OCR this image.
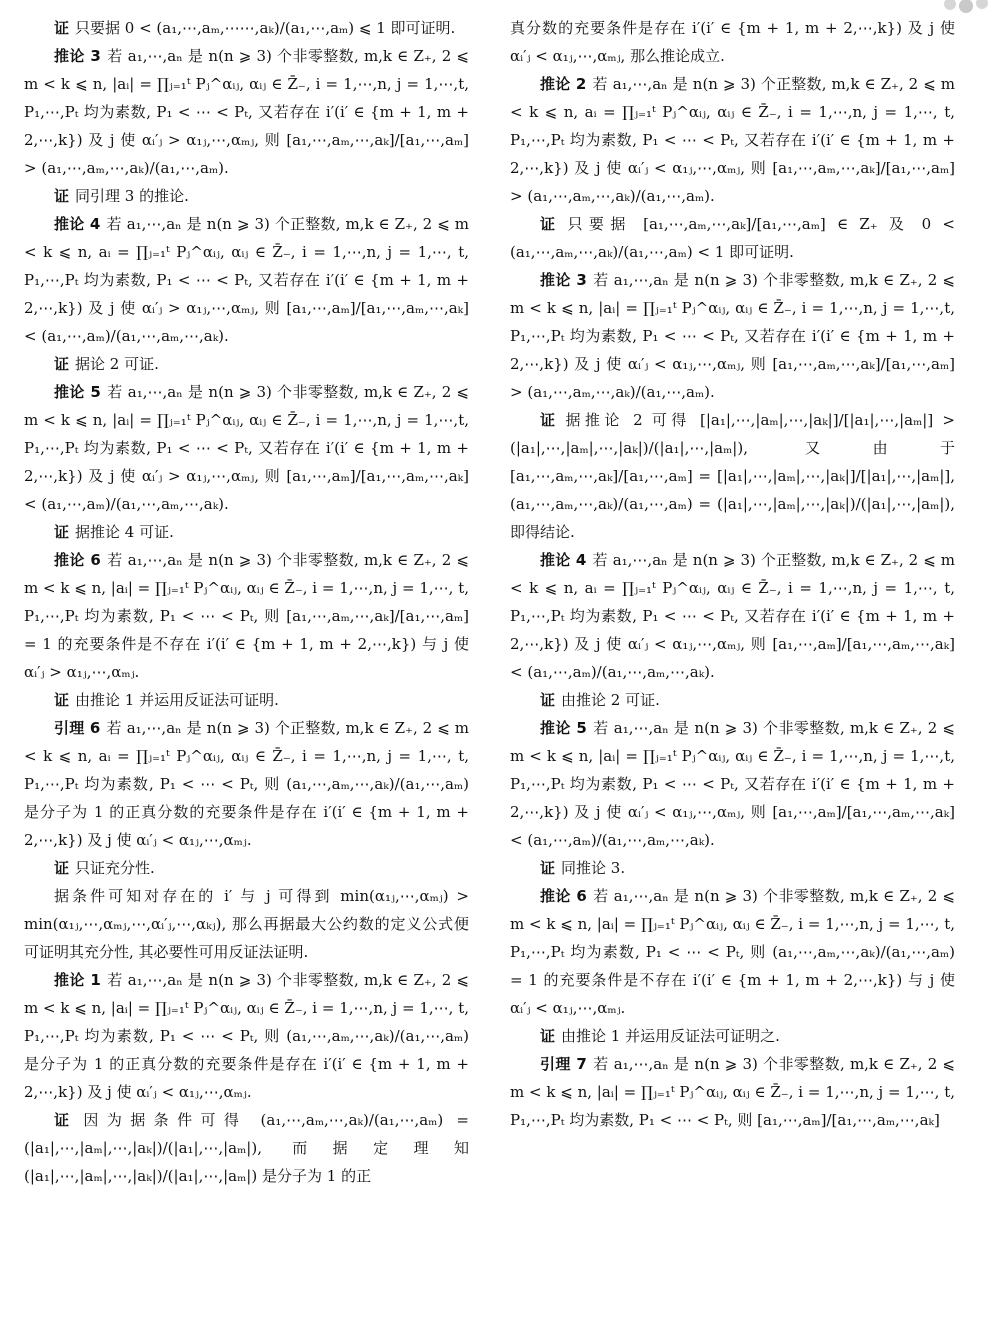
证 只要据 0 < (a₁,⋯,aₘ,⋯⋯,aₖ)/(a₁,⋯,aₘ) ⩽ 1 即可证明.

推论 3 若 a₁,⋯,aₙ 是 n(n ⩾ 3) 个非零整数, m,k ∈ Z₊, 2 ⩽ m < k ⩽ n, |aᵢ| = ∏ⱼ₌₁ᵗ Pⱼ^αᵢⱼ, αᵢⱼ ∈ Z̄₋, i = 1,⋯,n, j = 1,⋯,t, P₁,⋯,Pₜ 均为素数, P₁ < ⋯ < Pₜ, 又若存在 i′(i′ ∈ {m + 1, m + 2,⋯,k}) 及 j 使 αᵢ′ⱼ > α₁ⱼ,⋯,αₘⱼ, 则 [a₁,⋯,aₘ,⋯,aₖ]/[a₁,⋯,aₘ] > (a₁,⋯,aₘ,⋯,aₖ)/(a₁,⋯,aₘ).

证 同引理 3 的推论.

推论 4 若 a₁,⋯,aₙ 是 n(n ⩾ 3) 个正整数, m,k ∈ Z₊, 2 ⩽ m < k ⩽ n, aᵢ = ∏ⱼ₌₁ᵗ Pⱼ^αᵢⱼ, αᵢⱼ ∈ Z̄₋, i = 1,⋯,n, j = 1,⋯, t, P₁,⋯,Pₜ 均为素数, P₁ < ⋯ < Pₜ, 又若存在 i′(i′ ∈ {m + 1, m + 2,⋯,k}) 及 j 使 αᵢ′ⱼ > α₁ⱼ,⋯,αₘⱼ, 则 [a₁,⋯,aₘ]/[a₁,⋯,aₘ,⋯,aₖ] < (a₁,⋯,aₘ)/(a₁,⋯,aₘ,⋯,aₖ).

证 据论 2 可证.

推论 5 若 a₁,⋯,aₙ 是 n(n ⩾ 3) 个非零整数, m,k ∈ Z₊, 2 ⩽ m < k ⩽ n, |aᵢ| = ∏ⱼ₌₁ᵗ Pⱼ^αᵢⱼ, αᵢⱼ ∈ Z̄₋, i = 1,⋯,n, j = 1,⋯,t, P₁,⋯,Pₜ 均为素数, P₁ < ⋯ < Pₜ, 又若存在 i′(i′ ∈ {m + 1, m + 2,⋯,k}) 及 j 使 αᵢ′ⱼ > α₁ⱼ,⋯,αₘⱼ, 则 [a₁,⋯,aₘ]/[a₁,⋯,aₘ,⋯,aₖ] < (a₁,⋯,aₘ)/(a₁,⋯,aₘ,⋯,aₖ).

证 据推论 4 可证.

推论 6 若 a₁,⋯,aₙ 是 n(n ⩾ 3) 个非零整数, m,k ∈ Z₊, 2 ⩽ m < k ⩽ n, |aᵢ| = ∏ⱼ₌₁ᵗ Pⱼ^αᵢⱼ, αᵢⱼ ∈ Z̄₋, i = 1,⋯,n, j = 1,⋯, t, P₁,⋯,Pₜ 均为素数, P₁ < ⋯ < Pₜ, 则 [a₁,⋯,aₘ,⋯,aₖ]/[a₁,⋯,aₘ] = 1 的充要条件是不存在 i′(i′ ∈ {m + 1, m + 2,⋯,k}) 与 j 使 αᵢ′ⱼ > α₁ⱼ,⋯,αₘⱼ.

证 由推论 1 并运用反证法可证明.

引理 6 若 a₁,⋯,aₙ 是 n(n ⩾ 3) 个正整数, m,k ∈ Z₊, 2 ⩽ m < k ⩽ n, aᵢ = ∏ⱼ₌₁ᵗ Pⱼ^αᵢⱼ, αᵢⱼ ∈ Z̄₋, i = 1,⋯,n, j = 1,⋯, t, P₁,⋯,Pₜ 均为素数, P₁ < ⋯ < Pₜ, 则 (a₁,⋯,aₘ,⋯,aₖ)/(a₁,⋯,aₘ) 是分子为 1 的正真分数的充要条件是存在 i′(i′ ∈ {m + 1, m + 2,⋯,k}) 及 j 使 αᵢ′ⱼ < α₁ⱼ,⋯,αₘⱼ.

证 只证充分性.

据条件可知对存在的 i′ 与 j 可得到 min(α₁ⱼ,⋯,αₘⱼ) > min(α₁ⱼ,⋯,αₘⱼ,⋯,αᵢ′ⱼ,⋯,αₖⱼ), 那么再据最大公约数的定义公式便可证明其充分性, 其必要性可用反证法证明.

推论 1 若 a₁,⋯,aₙ 是 n(n ⩾ 3) 个非零整数, m,k ∈ Z₊, 2 ⩽ m < k ⩽ n, |aᵢ| = ∏ⱼ₌₁ᵗ Pⱼ^αᵢⱼ, αᵢⱼ ∈ Z̄₋, i = 1,⋯,n, j = 1,⋯, t, P₁,⋯,Pₜ 均为素数, P₁ < ⋯ < Pₜ, 则 (a₁,⋯,aₘ,⋯,aₖ)/(a₁,⋯,aₘ) 是分子为 1 的正真分数的充要条件是存在 i′(i′ ∈ {m + 1, m + 2,⋯,k}) 及 j 使 αᵢ′ⱼ < α₁ⱼ,⋯,αₘⱼ.

证 因为据条件可得 (a₁,⋯,aₘ,⋯,aₖ)/(a₁,⋯,aₘ) = (|a₁|,⋯,|aₘ|,⋯,|aₖ|)/(|a₁|,⋯,|aₘ|), 而据定理知 (|a₁|,⋯,|aₘ|,⋯,|aₖ|)/(|a₁|,⋯,|aₘ|) 是分子为 1 的正

真分数的充要条件是存在 i′(i′ ∈ {m + 1, m + 2,⋯,k}) 及 j 使 αᵢ′ⱼ < α₁ⱼ,⋯,αₘⱼ, 那么推论成立.

推论 2 若 a₁,⋯,aₙ 是 n(n ⩾ 3) 个正整数, m,k ∈ Z₊, 2 ⩽ m < k ⩽ n, aᵢ = ∏ⱼ₌₁ᵗ Pⱼ^αᵢⱼ, αᵢⱼ ∈ Z̄₋, i = 1,⋯,n, j = 1,⋯, t, P₁,⋯,Pₜ 均为素数, P₁ < ⋯ < Pₜ, 又若存在 i′(i′ ∈ {m + 1, m + 2,⋯,k}) 及 j 使 αᵢ′ⱼ < α₁ⱼ,⋯,αₘⱼ, 则 [a₁,⋯,aₘ,⋯,aₖ]/[a₁,⋯,aₘ] > (a₁,⋯,aₘ,⋯,aₖ)/(a₁,⋯,aₘ).

证 只要据 [a₁,⋯,aₘ,⋯,aₖ]/[a₁,⋯,aₘ] ∈ Z₊ 及 0 < (a₁,⋯,aₘ,⋯,aₖ)/(a₁,⋯,aₘ) < 1 即可证明.

推论 3 若 a₁,⋯,aₙ 是 n(n ⩾ 3) 个非零整数, m,k ∈ Z₊, 2 ⩽ m < k ⩽ n, |aᵢ| = ∏ⱼ₌₁ᵗ Pⱼ^αᵢⱼ, αᵢⱼ ∈ Z̄₋, i = 1,⋯,n, j = 1,⋯,t, P₁,⋯,Pₜ 均为素数, P₁ < ⋯ < Pₜ, 又若存在 i′(i′ ∈ {m + 1, m + 2,⋯,k}) 及 j 使 αᵢ′ⱼ < α₁ⱼ,⋯,αₘⱼ, 则 [a₁,⋯,aₘ,⋯,aₖ]/[a₁,⋯,aₘ] > (a₁,⋯,aₘ,⋯,aₖ)/(a₁,⋯,aₘ).

证 据推论 2 可得 [|a₁|,⋯,|aₘ|,⋯,|aₖ|]/[|a₁|,⋯,|aₘ|] > (|a₁|,⋯,|aₘ|,⋯,|aₖ|)/(|a₁|,⋯,|aₘ|), 又由于 [a₁,⋯,aₘ,⋯,aₖ]/[a₁,⋯,aₘ] = [|a₁|,⋯,|aₘ|,⋯,|aₖ|]/[|a₁|,⋯,|aₘ|], (a₁,⋯,aₘ,⋯,aₖ)/(a₁,⋯,aₘ) = (|a₁|,⋯,|aₘ|,⋯,|aₖ|)/(|a₁|,⋯,|aₘ|), 即得结论.

推论 4 若 a₁,⋯,aₙ 是 n(n ⩾ 3) 个正整数, m,k ∈ Z₊, 2 ⩽ m < k ⩽ n, aᵢ = ∏ⱼ₌₁ᵗ Pⱼ^αᵢⱼ, αᵢⱼ ∈ Z̄₋, i = 1,⋯,n, j = 1,⋯, t, P₁,⋯,Pₜ 均为素数, P₁ < ⋯ < Pₜ, 又若存在 i′(i′ ∈ {m + 1, m + 2,⋯,k}) 及 j 使 αᵢ′ⱼ < α₁ⱼ,⋯,αₘⱼ, 则 [a₁,⋯,aₘ]/[a₁,⋯,aₘ,⋯,aₖ] < (a₁,⋯,aₘ)/(a₁,⋯,aₘ,⋯,aₖ).

证 由推论 2 可证.

推论 5 若 a₁,⋯,aₙ 是 n(n ⩾ 3) 个非零整数, m,k ∈ Z₊, 2 ⩽ m < k ⩽ n, |aᵢ| = ∏ⱼ₌₁ᵗ Pⱼ^αᵢⱼ, αᵢⱼ ∈ Z̄₋, i = 1,⋯,n, j = 1,⋯,t, P₁,⋯,Pₜ 均为素数, P₁ < ⋯ < Pₜ, 又若存在 i′(i′ ∈ {m + 1, m + 2,⋯,k}) 及 j 使 αᵢ′ⱼ < α₁ⱼ,⋯,αₘⱼ, 则 [a₁,⋯,aₘ]/[a₁,⋯,aₘ,⋯,aₖ] < (a₁,⋯,aₘ)/(a₁,⋯,aₘ,⋯,aₖ).

证 同推论 3.

推论 6 若 a₁,⋯,aₙ 是 n(n ⩾ 3) 个非零整数, m,k ∈ Z₊, 2 ⩽ m < k ⩽ n, |aᵢ| = ∏ⱼ₌₁ᵗ Pⱼ^αᵢⱼ, αᵢⱼ ∈ Z̄₋, i = 1,⋯,n, j = 1,⋯, t, P₁,⋯,Pₜ 均为素数, P₁ < ⋯ < Pₜ, 则 (a₁,⋯,aₘ,⋯,aₖ)/(a₁,⋯,aₘ) = 1 的充要条件是不存在 i′(i′ ∈ {m + 1, m + 2,⋯,k}) 与 j 使 αᵢ′ⱼ < α₁ⱼ,⋯,αₘⱼ.

证 由推论 1 并运用反证法可证明之.

引理 7 若 a₁,⋯,aₙ 是 n(n ⩾ 3) 个非零整数, m,k ∈ Z₊, 2 ⩽ m < k ⩽ n, |aᵢ| = ∏ⱼ₌₁ᵗ Pⱼ^αᵢⱼ, αᵢⱼ ∈ Z̄₋, i = 1,⋯,n, j = 1,⋯, t, P₁,⋯,Pₜ 均为素数, P₁ < ⋯ < Pₜ, 则 [a₁,⋯,aₘ]/[a₁,⋯,aₘ,⋯,aₖ]
